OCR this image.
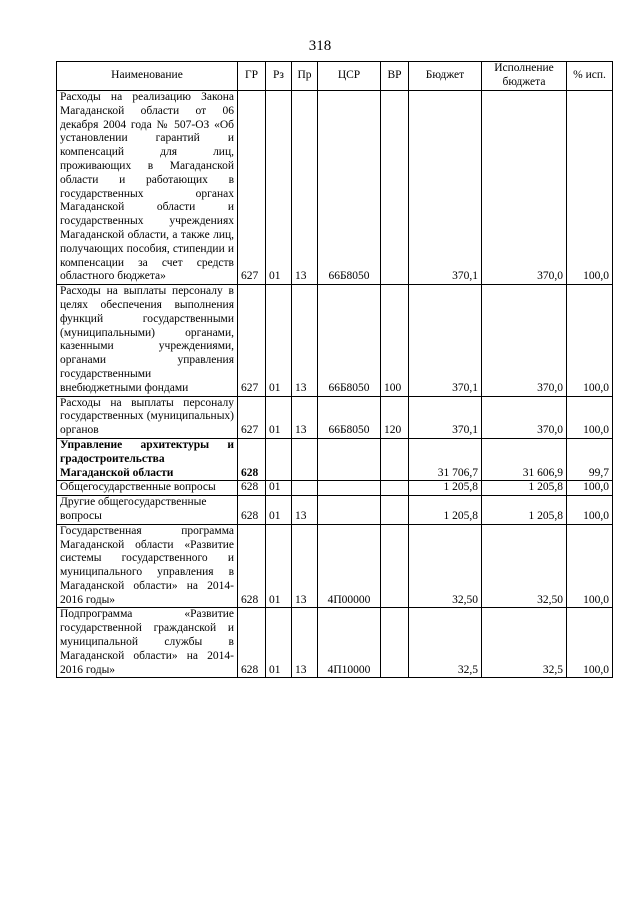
318
Наименование	ГР	Рз	Пр	ЦСР	ВР	Бюджет	Исполнение бюджета	% исп.
Расходы на реализацию Закона Магаданской области от 06 декабря 2004 года № 507-ОЗ «Об установлении гарантий и компенсаций для лиц, проживающих в Магаданской области и работающих в государственных органах Магаданской области и государственных учреждениях Магаданской области, а также лиц, получающих пособия, стипендии и компенсации за счет средств областного бюджета»	627	01	13	66Б8050		370,1	370,0	100,0
Расходы на выплаты персоналу в целях обеспечения выполнения функций государственными (муниципальными) органами, казенными учреждениями, органами управления государственными внебюджетными фондами	627	01	13	66Б8050	100	370,1	370,0	100,0
Расходы на выплаты персоналу государственных (муниципальных) органов	627	01	13	66Б8050	120	370,1	370,0	100,0
Управление архитектуры и градостроительства Магаданской области	628					31 706,7	31 606,9	99,7
Общегосударственные вопросы	628	01				1 205,8	1 205,8	100,0
Другие общегосударственные вопросы	628	01	13			1 205,8	1 205,8	100,0
Государственная программа Магаданской области «Развитие системы государственного и муниципального управления в Магаданской области» на 2014-2016 годы»	628	01	13	4П00000		32,50	32,50	100,0
Подпрограмма «Развитие государственной гражданской и муниципальной службы в Магаданской области» на 2014-2016 годы»	628	01	13	4П10000		32,5	32,5	100,0
